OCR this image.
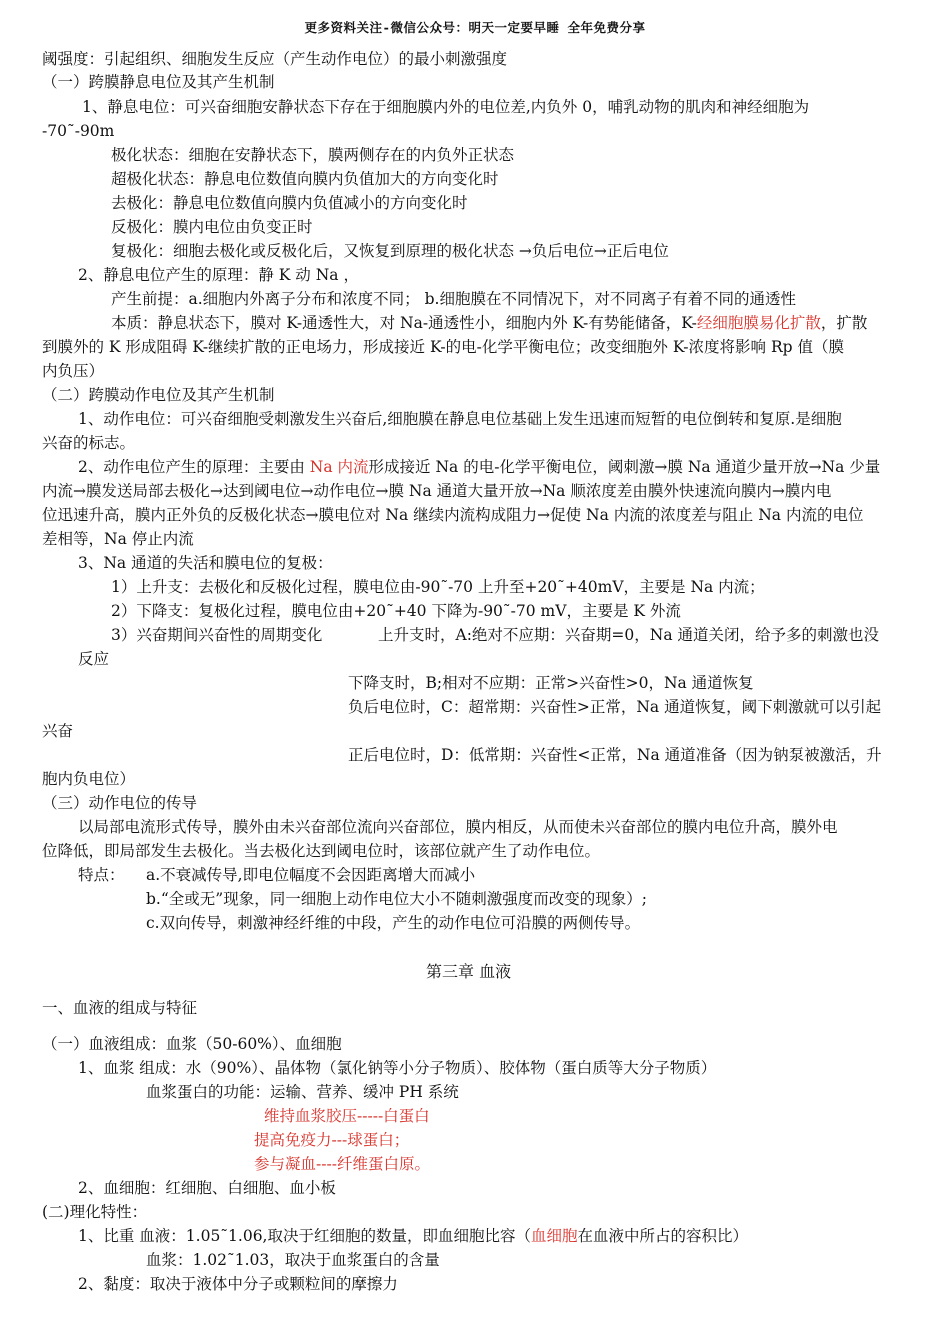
更多资料关注-微信公众号：明天一定要早睡 全年免费分享
阈强度：引起组织、细胞发生反应（产生动作电位）的最小刺激强度
（一）跨膜静息电位及其产生机制
1、静息电位：可兴奋细胞安静状态下存在于细胞膜内外的电位差,内负外 0，哺乳动物的肌肉和神经细胞为
-70˜-90m
极化状态：细胞在安静状态下，膜两侧存在的内负外正状态
超极化状态：静息电位数值向膜内负值加大的方向变化时
去极化：静息电位数值向膜内负值减小的方向变化时
反极化：膜内电位由负变正时
复极化：细胞去极化或反极化后，又恢复到原理的极化状态 →负后电位→正后电位
2、静息电位产生的原理：静 K 动 Na ，
产生前提：a.细胞内外离子分布和浓度不同； b.细胞膜在不同情况下，对不同离子有着不同的通透性
本质：静息状态下，膜对 K-通透性大，对 Na-通透性小，细胞内外 K-有势能储备，K-经细胞膜易化扩散，扩散
到膜外的 K 形成阻碍 K-继续扩散的正电场力，形成接近 K-的电-化学平衡电位；改变细胞外 K-浓度将影响 Rp 值（膜
内负压）
（二）跨膜动作电位及其产生机制
1、动作电位：可兴奋细胞受刺激发生兴奋后,细胞膜在静息电位基础上发生迅速而短暂的电位倒转和复原.是细胞
兴奋的标志。
2、动作电位产生的原理：主要由 Na 内流形成接近 Na 的电-化学平衡电位，阈刺激→膜 Na 通道少量开放→Na 少量
内流→膜发送局部去极化→达到阈电位→动作电位→膜 Na 通道大量开放→Na 顺浓度差由膜外快速流向膜内→膜内电
位迅速升高，膜内正外负的反极化状态→膜电位对 Na 继续内流构成阻力→促使 Na 内流的浓度差与阻止 Na 内流的电位
差相等，Na 停止内流
3、Na 通道的失活和膜电位的复极：
1）上升支：去极化和反极化过程，膜电位由-90˜-70 上升至+20˜+40mV，主要是 Na 内流；
2）下降支：复极化过程，膜电位由+20˜+40 下降为-90˜-70 mV，主要是 K 外流
3）兴奋期间兴奋性的周期变化	上升支时，A:绝对不应期：兴奋期=0，Na 通道关闭，给予多的刺激也没
反应
下降支时，B;相对不应期：正常>兴奋性>0，Na 通道恢复
负后电位时，C：超常期：兴奋性>正常，Na 通道恢复，阈下刺激就可以引起
兴奋
正后电位时，D：低常期：兴奋性<正常，Na 通道准备（因为钠泵被激活，升
胞内负电位）
（三）动作电位的传导
以局部电流形式传导，膜外由未兴奋部位流向兴奋部位，膜内相反，从而使未兴奋部位的膜内电位升高，膜外电
位降低，即局部发生去极化。当去极化达到阈电位时，该部位就产生了动作电位。
特点： a.不衰减传导,即电位幅度不会因距离增大而减小
b.“全或无”现象，同一细胞上动作电位大小不随刺激强度而改变的现象）;
c.双向传导，刺激神经纤维的中段，产生的动作电位可沿膜的两侧传导。
第三章 血液
一、血液的组成与特征
（一）血液组成：血浆（50-60%）、血细胞
1、血浆 组成：水（90%）、晶体物（氯化钠等小分子物质）、胶体物（蛋白质等大分子物质）
血浆蛋白的功能：运输、营养、缓冲 PH 系统
维持血浆胶压-----白蛋白
提高免疫力---球蛋白；
参与凝血----纤维蛋白原。
2、血细胞：红细胞、白细胞、血小板
(二)理化特性：
1、比重 血液：1.05˜1.06,取决于红细胞的数量，即血细胞比容（血细胞在血液中所占的容积比）
血浆：1.02˜1.03，取决于血浆蛋白的含量
2、黏度：取决于液体中分子或颗粒间的摩擦力
